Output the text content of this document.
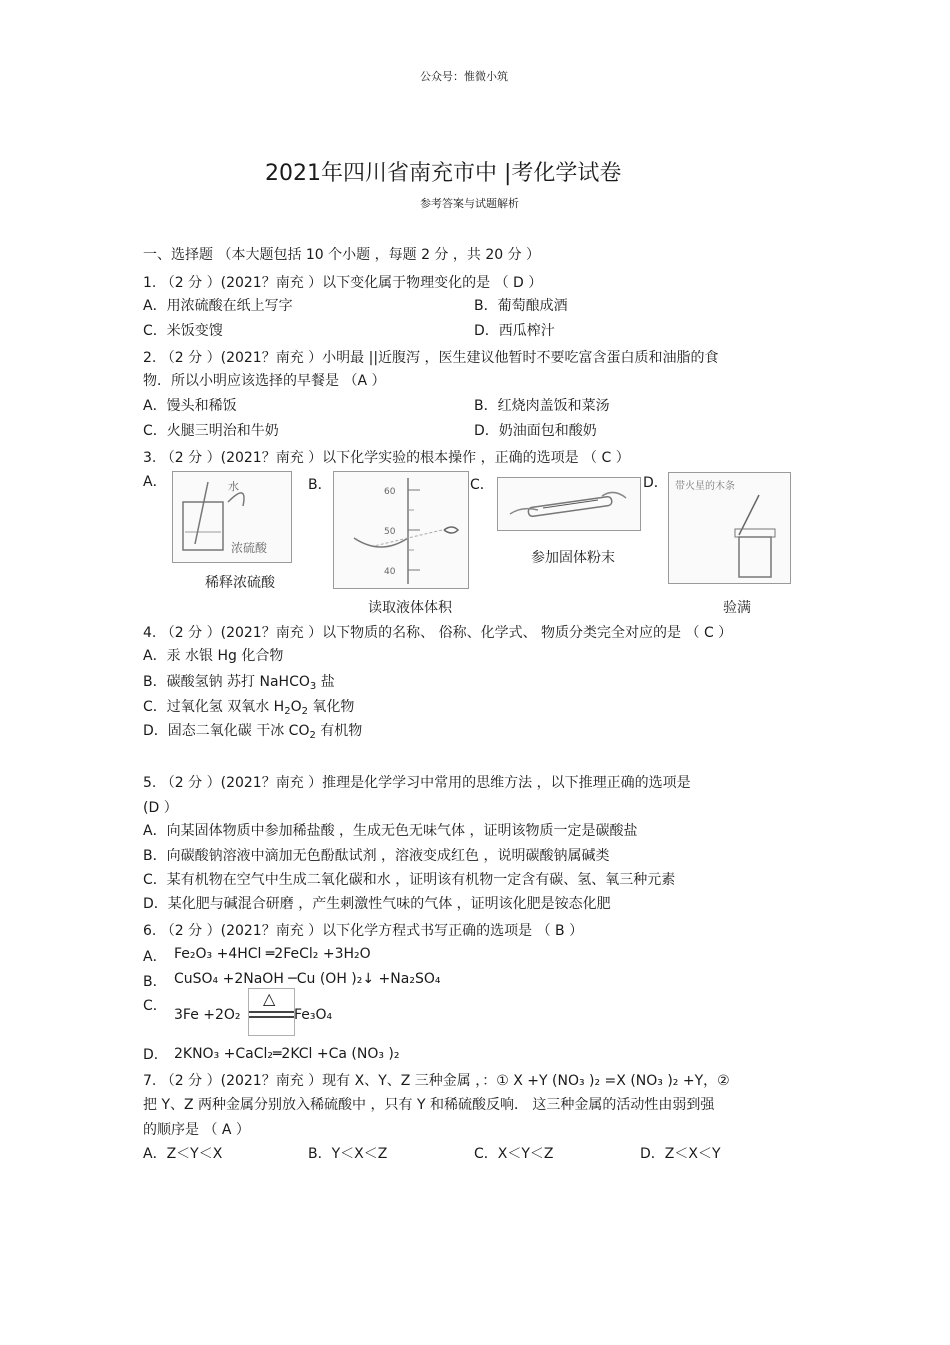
公众号：惟微小筑
2021年四川省南充市中 |考化学试卷
参考答案与试题解析
一、选择题 （本大题包括 10 个小题 ，每题 2 分 ，共 20 分 ）
1. （2 分 ）(2021？南充 ）以下变化属于物理变化的是 （ D ）
A．用浓硫酸在纸上写字	B．葡萄酿成酒
C．米饭变馊	D．西瓜榨汁
2. （2 分 ）(2021？南充 ）小明最 ||近腹泻 ，医生建议他暂时不要吃富含蛋白质和油脂的食
物．所以小明应该选择的早餐是 （A ）
A．馒头和稀饭	B．红烧肉盖饭和菜汤
C．火腿三明治和牛奶	D．奶油面包和酸奶
3. （2 分 ）(2021？南充 ）以下化学实验的根本操作 ，正确的选项是 （ C ）
A．	水
浓硫酸
稀释浓硫酸
B．	60
50
40
读取液体体积
C．
参加固体粉末
D． 带火星的木条
验满
4. （2 分 ）(2021？南充 ）以下物质的名称、 俗称、化学式、 物质分类完全对应的是 （ C ）
A．汞 水银 Hg 化合物
B．碳酸氢钠 苏打 NaHCO$_3$ 盐
C．过氧化氢 双氧水 $H_2O_2$ 氧化物
D．固态二氧化碳 干冰 $CO_2$ 有机物
5. （2 分 ）(2021？南充 ）推理是化学学习中常用的思维方法 ，以下推理正确的选项是
(D ）
A．向某固体物质中参加稀盐酸 ，生成无色无味气体 ，证明该物质一定是碳酸盐
B．向碳酸钠溶液中滴加无色酚酞试剂 ，溶液变成红色 ，说明碳酸钠属碱类
C．某有机物在空气中生成二氧化碳和水 ，证明该有机物一定含有碳、氢、氧三种元素
D．某化肥与碱混合研磨 ，产生刺激性气味的气体 ，证明该化肥是铵态化肥
6. （2 分 ）(2021？南充 ）以下化学方程式书写正确的选项是 （ B ）
A． Fe₂O₃ +4HCl ═2FeCl₂ +3H₂O
B． CuSO₄ +2NaOH ─Cu (OH )₂↓ +Na₂SO₄
C．
3Fe +2O₂
△
Fe₃O₄
D． 2KNO₃ +CaCl₂═2KCl +Ca (NO₃ )₂
7. （2 分 ）(2021？南充 ）现有 X、Y、Z 三种金属 ，：① X +Y (NO₃ )₂ =X (NO₃ )₂ +Y，②
把 Y、Z 两种金属分别放入稀硫酸中 ，只有 Y 和稀硫酸反响． 这三种金属的活动性由弱到强
的顺序是 （ A ）
A．Z＜Y＜X	B．Y＜X＜Z	C．X＜Y＜Z	D．Z＜X＜Y
